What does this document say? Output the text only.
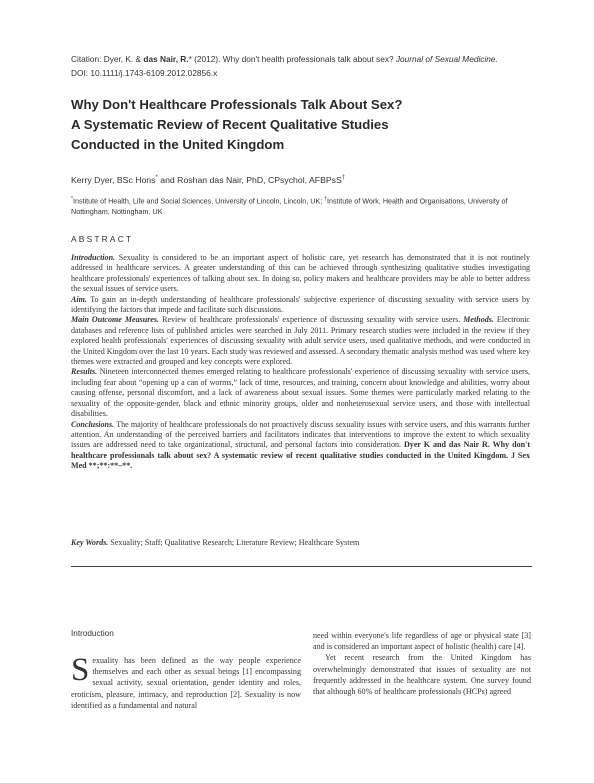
Citation: Dyer, K. & das Nair, R.* (2012). Why don't health professionals talk about sex? Journal of Sexual Medicine.
DOI: 10.1111/j.1743-6109.2012.02856.x
Why Don't Healthcare Professionals Talk About Sex?
A Systematic Review of Recent Qualitative Studies
Conducted in the United Kingdom
Kerry Dyer, BSc Hons* and Roshan das Nair, PhD, CPsychol, AFBPsS†
*Institute of Health, Life and Social Sciences, University of Lincoln, Lincoln, UK; †Institute of Work, Health and Organisations, University of Nottingham, Nottingham, UK
ABSTRACT

Introduction. Sexuality is considered to be an important aspect of holistic care, yet research has demonstrated that it is not routinely addressed in healthcare services. A greater understanding of this can be achieved through synthesizing qualitative studies investigating healthcare professionals' experiences of talking about sex. In doing so, policy makers and healthcare providers may be able to better address the sexual issues of service users.

Aim. To gain an in-depth understanding of healthcare professionals' subjective experience of discussing sexuality with service users by identifying the factors that impede and facilitate such discussions.

Main Outcome Measures. Review of healthcare professionals' experience of discussing sexuality with service users. Methods. Electronic databases and reference lists of published articles were searched in July 2011. Primary research studies were included in the review if they explored health professionals' experiences of discussing sexuality with adult service users, used qualitative methods, and were conducted in the United Kingdom over the last 10 years. Each study was reviewed and assessed. A secondary thematic analysis method was used where key themes were extracted and grouped and key concepts were explored.

Results. Nineteen interconnected themes emerged relating to healthcare professionals' experience of discussing sexuality with service users, including fear about “opening up a can of worms,” lack of time, resources, and training, concern about knowledge and abilities, worry about causing offense, personal discomfort, and a lack of awareness about sexual issues. Some themes were particularly marked relating to the sexuality of the opposite-gender, black and ethnic minority groups, older and nonheterosexual service users, and those with intellectual disabilities.

Conclusions. The majority of healthcare professionals do not proactively discuss sexuality issues with service users, and this warrants further attention. An understanding of the perceived barriers and facilitators indicates that interventions to improve the extent to which sexuality issues are addressed need to take organizational, structural, and personal factors into consideration. Dyer K and das Nair R. Why don't healthcare professionals talk about sex? A systematic review of recent qualitative studies conducted in the United Kingdom. J Sex Med **;**:**–**.

Key Words. Sexuality; Staff; Qualitative Research; Literature Review; Healthcare System
Introduction

Sexuality has been defined as the way people experience themselves and each other as sexual beings [1] encompassing sexual activity, sexual orientation, gender identity and roles, eroticism, pleasure, intimacy, and reproduction [2]. Sexuality is now identified as a fundamental and natural

need within everyone's life regardless of age or physical state [3] and is considered an important aspect of holistic (health) care [4].

Yet recent research from the United Kingdom has overwhelmingly demonstrated that issues of sexuality are not frequently addressed in the healthcare system. One survey found that although 60% of healthcare professionals (HCPs) agreed
